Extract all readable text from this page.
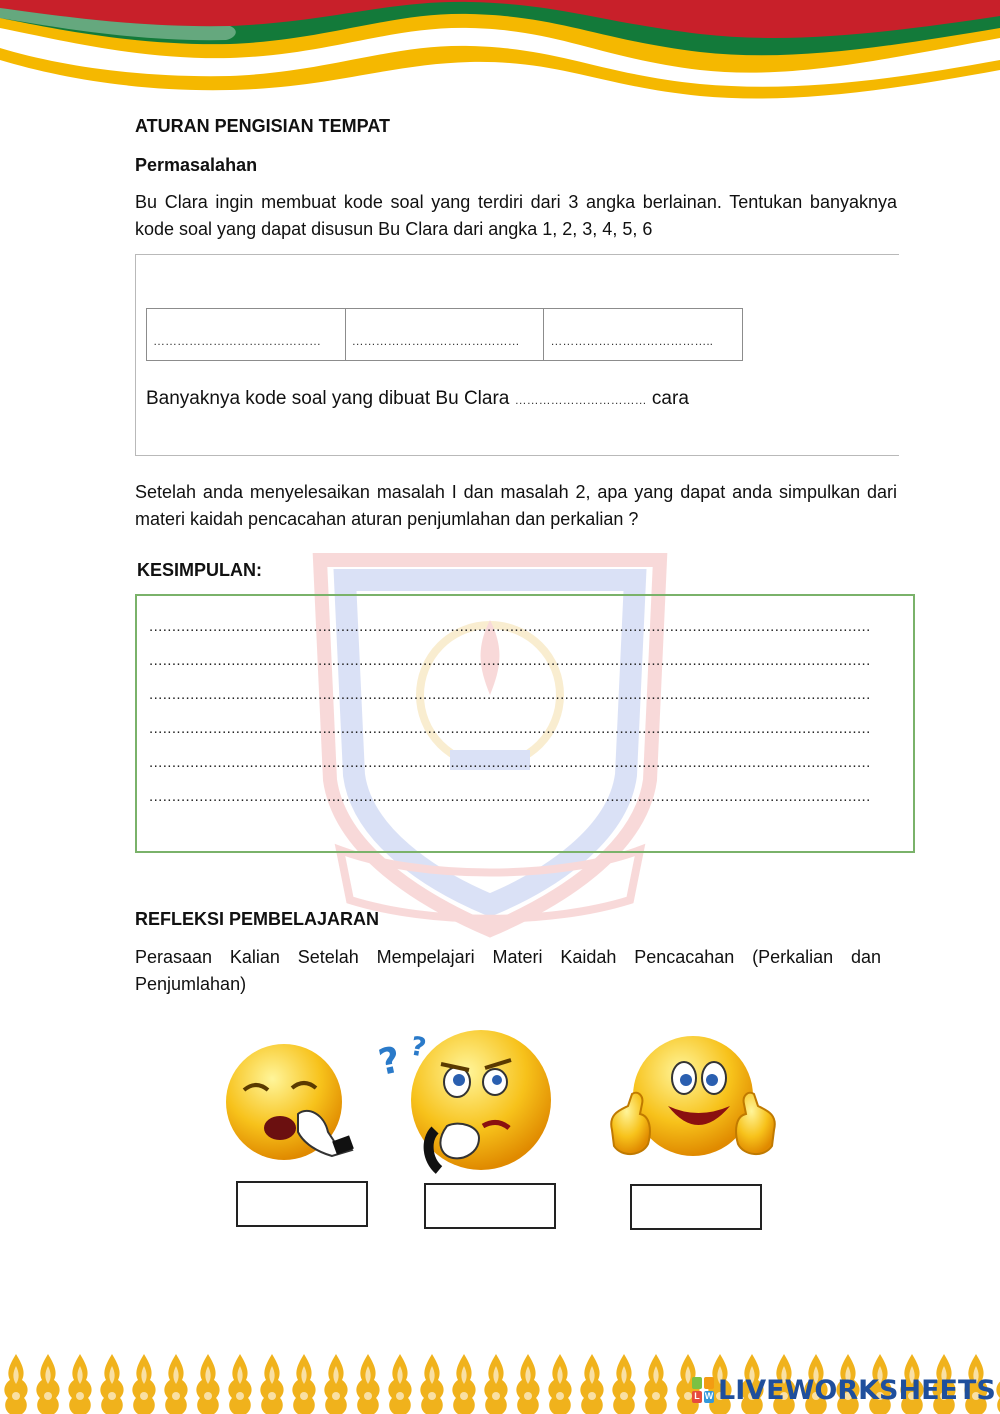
ATURAN PENGISIAN TEMPAT
Permasalahan
Bu Clara ingin membuat kode soal yang terdiri dari 3 angka berlainan. Tentukan banyaknya kode soal yang dapat disusun Bu Clara dari angka 1, 2, 3, 4, 5, 6
……………………………………	……………………………………	…………………………………..
Banyaknya kode soal yang dibuat Bu Clara …………………………… cara
Setelah anda menyelesaikan masalah I dan masalah 2, apa yang dapat anda simpulkan dari materi kaidah pencacahan aturan penjumlahan dan perkalian ?
KESIMPULAN:
..............................................................................................................................................................
..............................................................................................................................................................
..............................................................................................................................................................
..............................................................................................................................................................
..............................................................................................................................................................
..............................................................................................................................................................
REFLEKSI PEMBELAJARAN
Perasaan Kalian Setelah Mempelajari Materi Kaidah Pencacahan (Perkalian dan Penjumlahan)
? ?
L W LIVEWORKSHEETS
